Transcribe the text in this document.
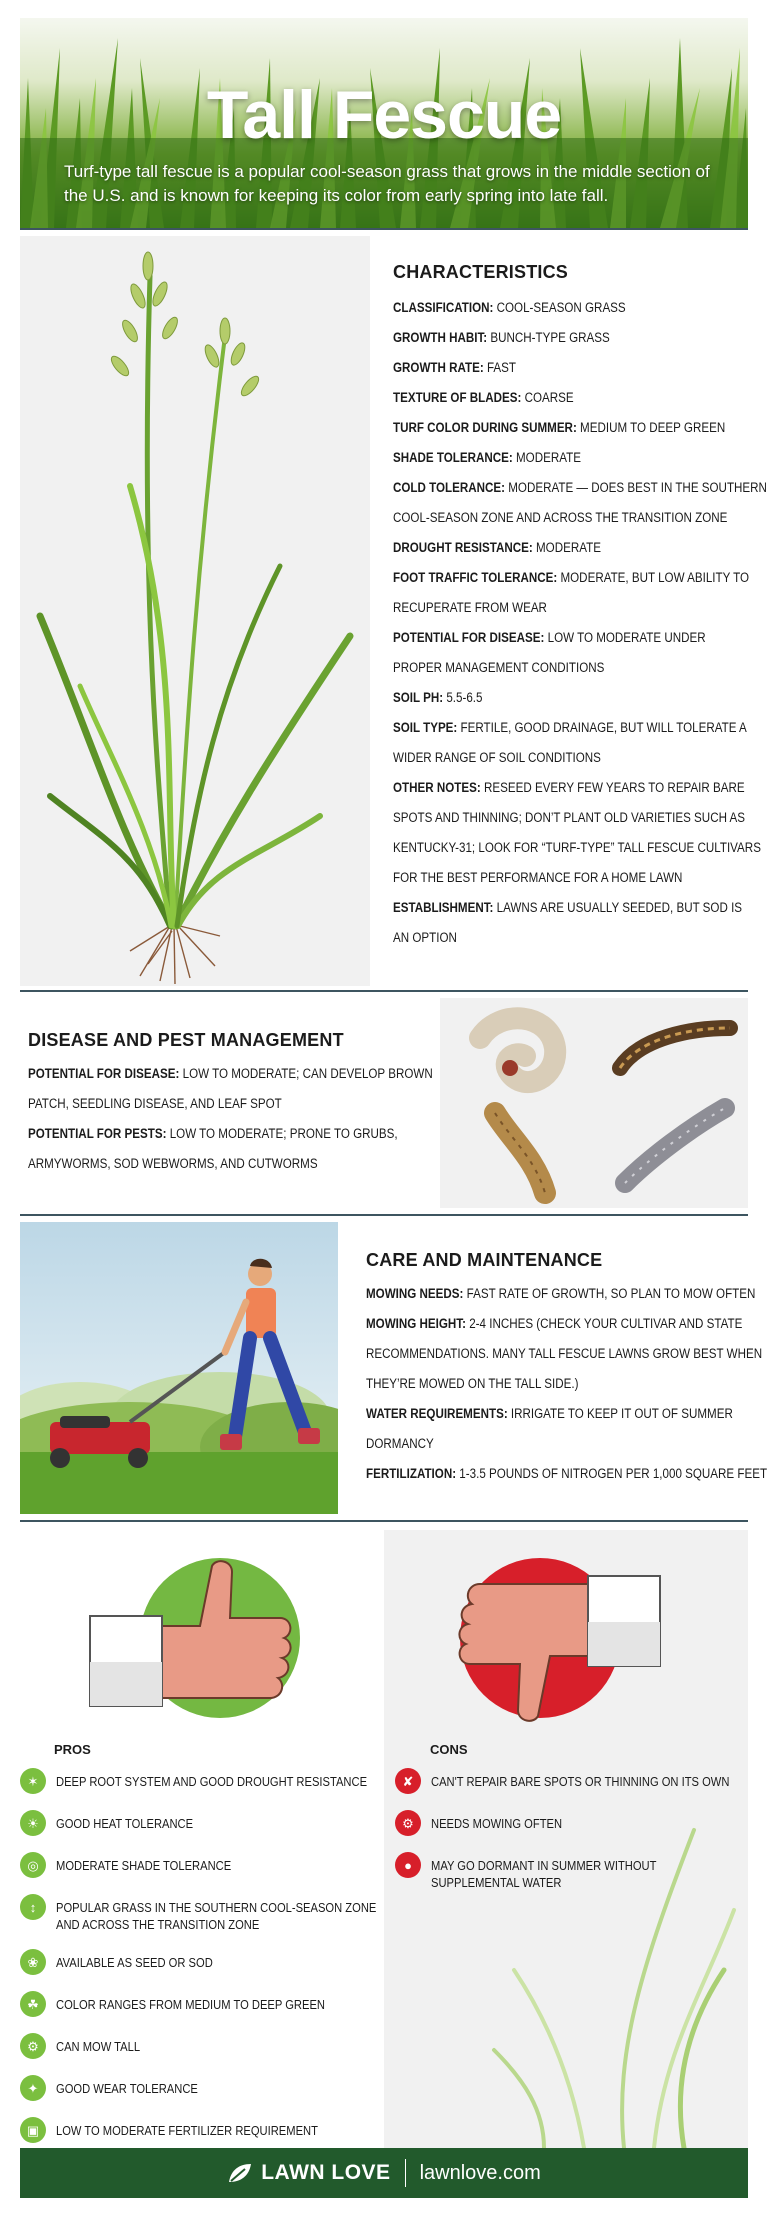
Tall Fescue
Turf-type tall fescue is a popular cool-season grass that grows in the middle section of the U.S. and is known for keeping its color from early spring into late fall.
CHARACTERISTICS
CLASSIFICATION: COOL-SEASON GRASS
GROWTH HABIT: BUNCH-TYPE GRASS
GROWTH RATE: FAST
TEXTURE OF BLADES: COARSE
TURF COLOR DURING SUMMER: MEDIUM TO DEEP GREEN
SHADE TOLERANCE: MODERATE
COLD TOLERANCE: MODERATE — DOES BEST IN THE SOUTHERN
COOL-SEASON ZONE AND ACROSS THE TRANSITION ZONE
DROUGHT RESISTANCE: MODERATE
FOOT TRAFFIC TOLERANCE: MODERATE, BUT LOW ABILITY TO
RECUPERATE FROM WEAR
POTENTIAL FOR DISEASE: LOW TO MODERATE UNDER
PROPER MANAGEMENT CONDITIONS
SOIL PH: 5.5-6.5
SOIL TYPE: FERTILE, GOOD DRAINAGE, BUT WILL TOLERATE A
WIDER RANGE OF SOIL CONDITIONS
OTHER NOTES: RESEED EVERY FEW YEARS TO REPAIR BARE
SPOTS AND THINNING; DON’T PLANT OLD VARIETIES SUCH AS
KENTUCKY-31; LOOK FOR “TURF-TYPE” TALL FESCUE CULTIVARS
FOR THE BEST PERFORMANCE FOR A HOME LAWN
ESTABLISHMENT: LAWNS ARE USUALLY SEEDED, BUT SOD IS
AN OPTION
DISEASE AND PEST MANAGEMENT
POTENTIAL FOR DISEASE: LOW TO MODERATE; CAN DEVELOP BROWN
PATCH, SEEDLING DISEASE, AND LEAF SPOT
POTENTIAL FOR PESTS: LOW TO MODERATE; PRONE TO GRUBS,
ARMYWORMS, SOD WEBWORMS, AND CUTWORMS
CARE AND MAINTENANCE
MOWING NEEDS: FAST RATE OF GROWTH, SO PLAN TO MOW OFTEN
MOWING HEIGHT: 2-4 INCHES (CHECK YOUR CULTIVAR AND STATE
RECOMMENDATIONS. MANY TALL FESCUE LAWNS GROW BEST WHEN
THEY’RE MOWED ON THE TALL SIDE.)
WATER REQUIREMENTS: IRRIGATE TO KEEP IT OUT OF SUMMER
DORMANCY
FERTILIZATION: 1-3.5 POUNDS OF NITROGEN PER 1,000 SQUARE FEET
PROS	CONS
✶	DEEP ROOT SYSTEM AND GOOD DROUGHT RESISTANCE
☀	GOOD HEAT TOLERANCE
◎	MODERATE SHADE TOLERANCE
↕	POPULAR GRASS IN THE SOUTHERN COOL-SEASON ZONE
AND ACROSS THE TRANSITION ZONE
❀	AVAILABLE AS SEED OR SOD
☘	COLOR RANGES FROM MEDIUM TO DEEP GREEN
⚙	CAN MOW TALL
✦	GOOD WEAR TOLERANCE
▣	LOW TO MODERATE FERTILIZER REQUIREMENT
✘	CAN'T REPAIR BARE SPOTS OR THINNING ON ITS OWN
⚙	NEEDS MOWING OFTEN
●	MAY GO DORMANT IN SUMMER WITHOUT
SUPPLEMENTAL WATER
LAWN LOVE lawnlove.com
